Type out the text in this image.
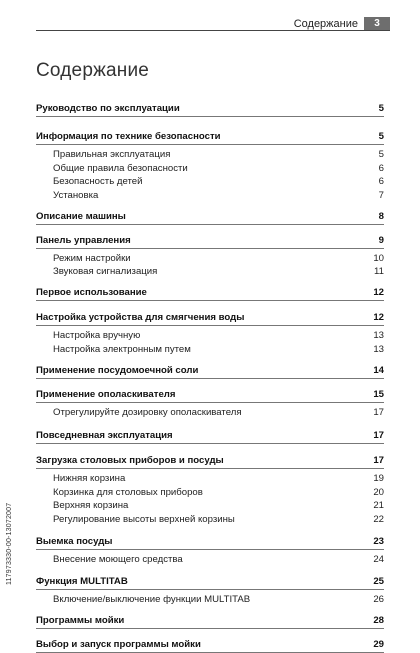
Содержание	3
Содержание
Руководство по эксплуатации	5
Информация по технике безопасности	5
Правильная эксплуатация	5
Общие правила безопасности	6
Безопасность детей	6
Установка	7
Описание машины	8
Панель управления	9
Режим настройки	10
Звуковая сигнализация	11
Первое использование	12
Настройка устройства для смягчения воды	12
Настройка вручную	13
Настройка электронным путем	13
Применение посудомоечной соли	14
Применение ополаскивателя	15
Отрегулируйте дозировку ополаскивателя	17
Повседневная эксплуатация	17
Загрузка столовых приборов и посуды	17
Нижняя корзина	19
Корзинка для столовых приборов	20
Верхняя корзина	21
Регулирование высоты верхней корзины	22
Выемка посуды	23
Внесение моющего средства	24
Функция MULTITAB	25
Включение/выключение функции MULTITAB	26
Программы мойки	28
Выбор и запуск программы мойки	29
117973330-00-13072007
